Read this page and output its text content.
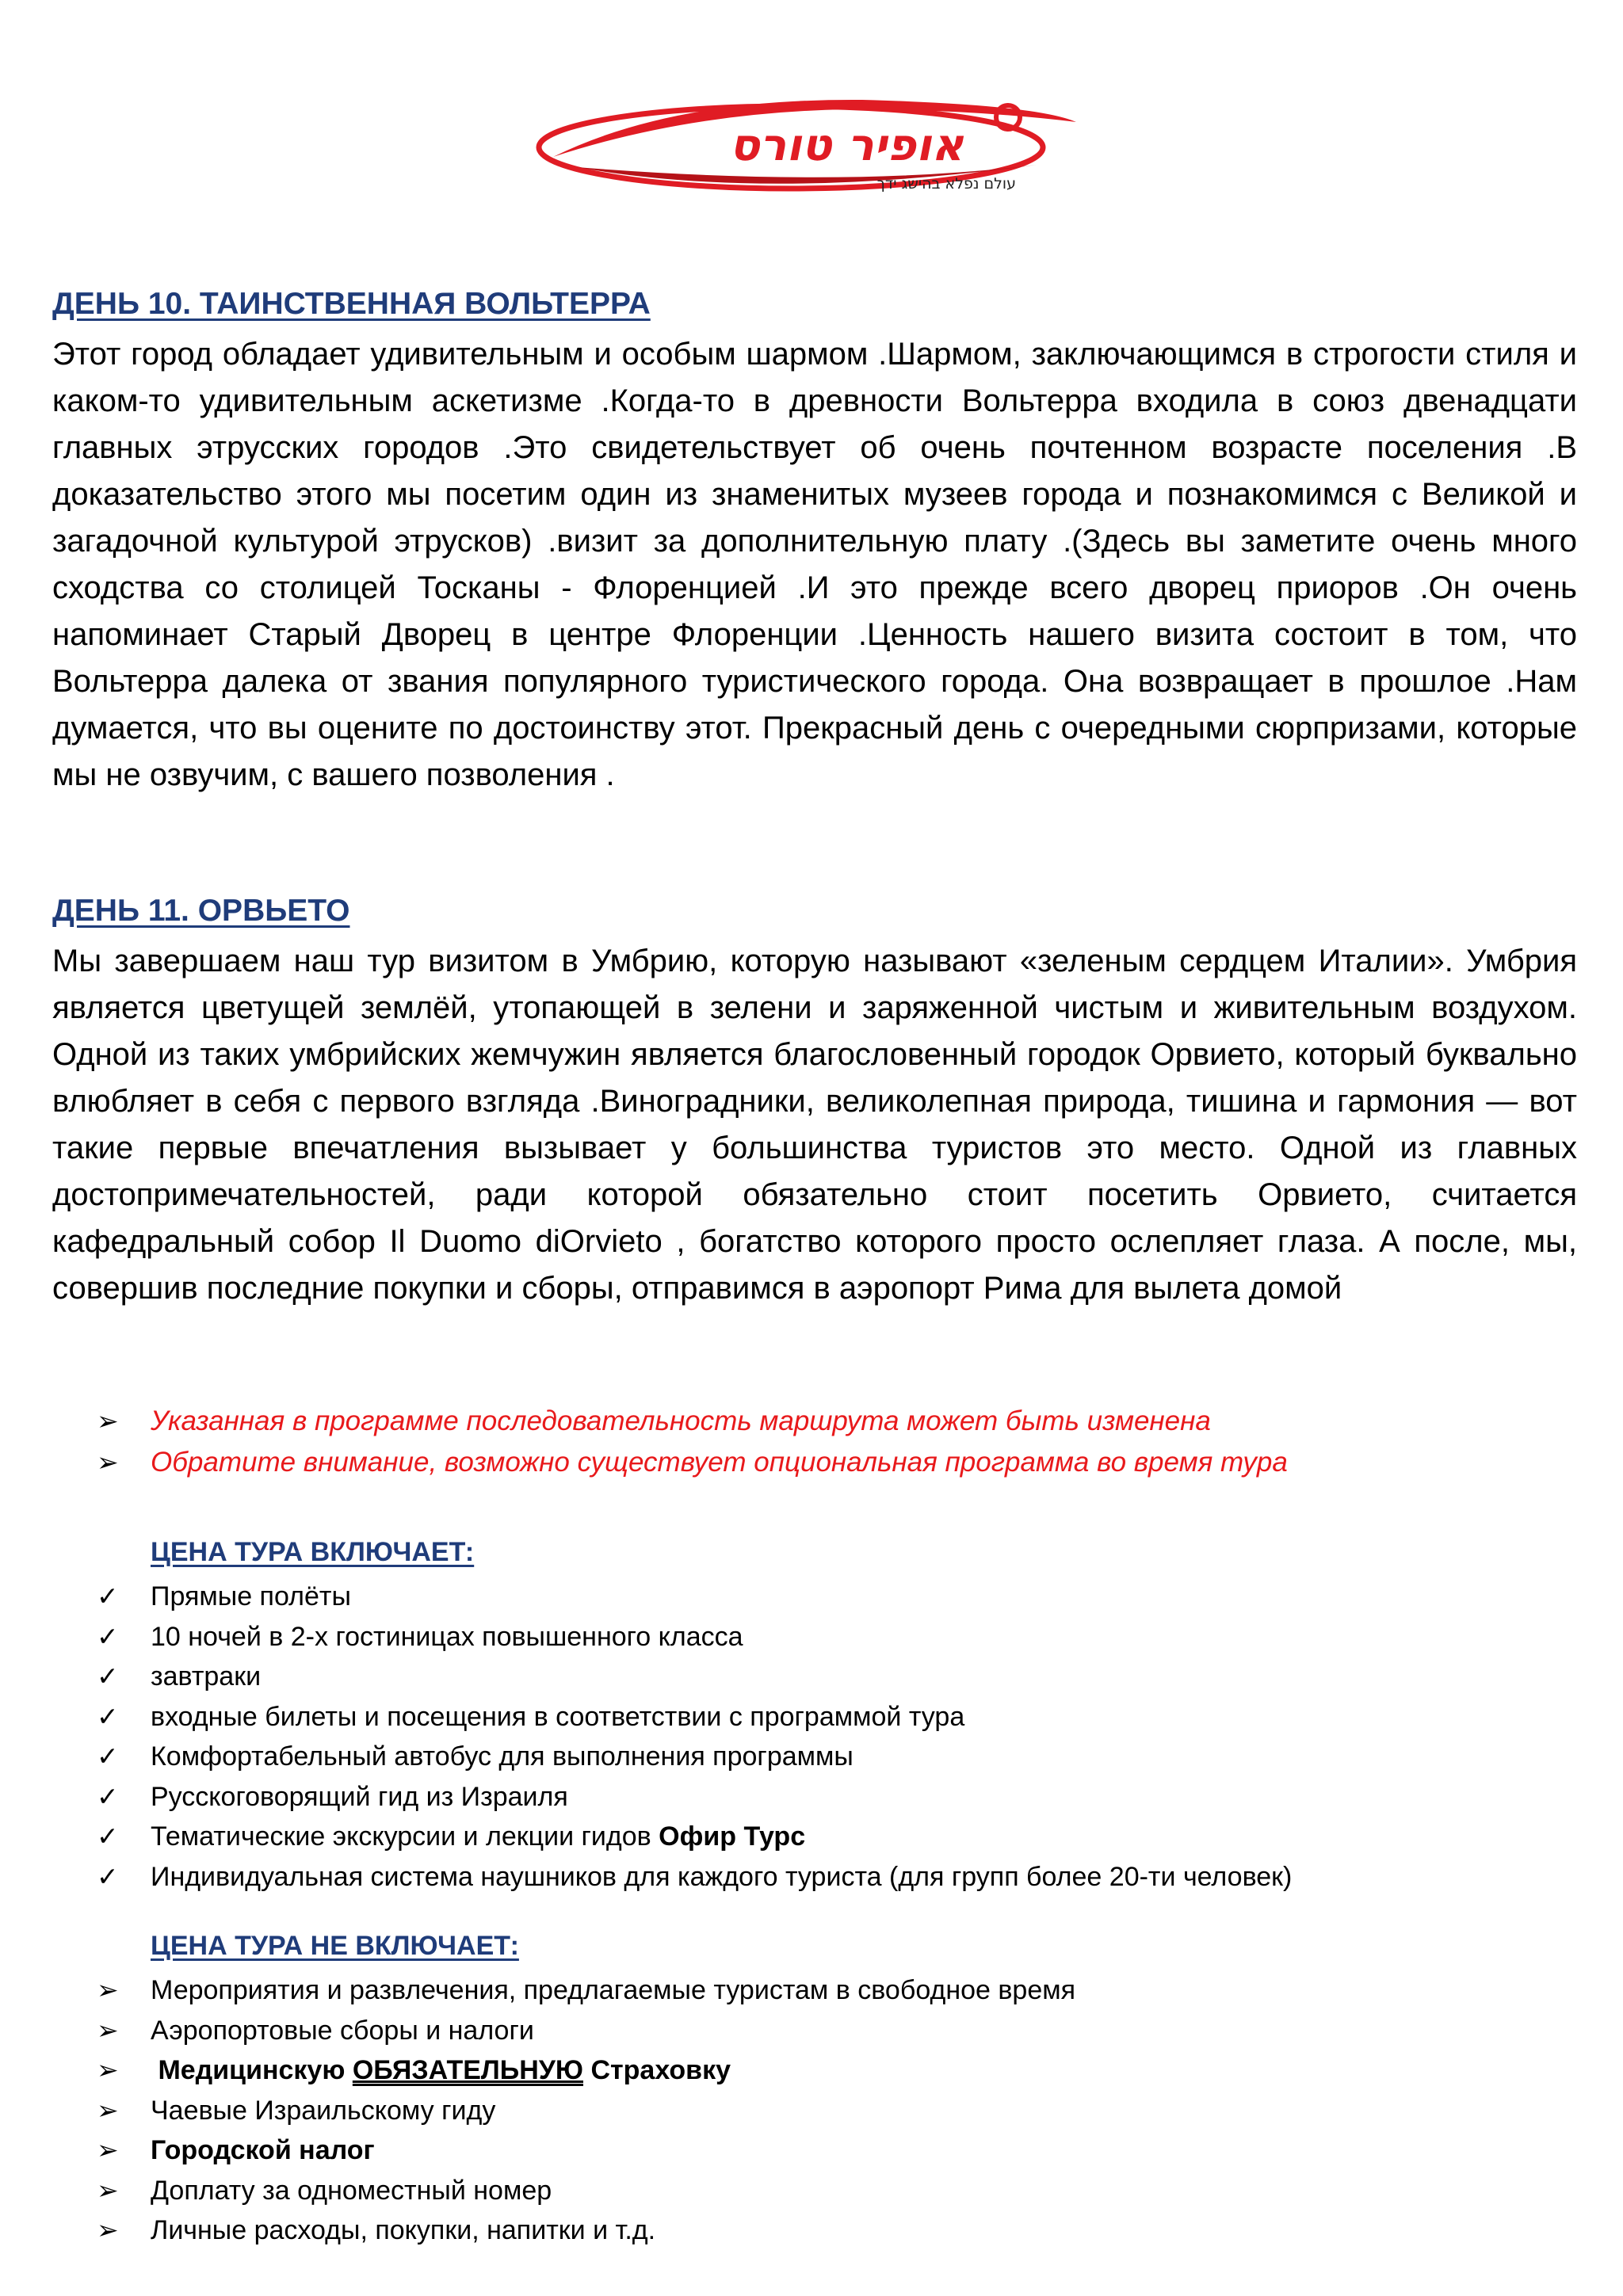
אופיר טורס
עולם נפלא בהישג ידך
ДЕНЬ 10. ТАИНСТВЕННАЯ ВОЛЬТЕРРА

Этот город обладает удивительным и особым шармом .Шармом, заключающимся в строгости стиля и каком-то удивительным аскетизме .Когда-то в древности Вольтерра входила в союз двенадцати главных этрусских городов .Это свидетельствует об очень почтенном возрасте поселения .В доказательство этого мы посетим один из знаменитых музеев города и познакомимся с Великой и загадочной культурой этрусков) .визит за дополнительную плату .(Здесь вы заметите очень много сходства со столицей Тосканы - Флоренцией .И это прежде всего дворец приоров .Он очень напоминает Старый Дворец в центре Флоренции .Ценность нашего визита состоит в том, что Вольтерра далека от звания популярного туристического города. Она возвращает в прошлое .Нам думается, что вы оцените по достоинству этот. Прекрасный день с очередными сюрпризами, которые мы не озвучим, с вашего позволения .

ДЕНЬ 11. ОРВЬЕТО

Мы завершаем наш тур визитом в Умбрию, которую называют «зеленым сердцем Италии». Умбрия является цветущей землёй, утопающей в зелени и заряженной чистым и живительным воздухом. Одной из таких умбрийских жемчужин является благословенный городок Орвието, который буквально влюбляет в себя с первого взгляда .Виноградники, великолепная природа, тишина и гармония — вот такие первые впечатления вызывает у большинства туристов это место. Одной из главных достопримечательностей, ради которой обязательно стоит посетить Орвието, считается кафедральный собор Il Duomo diOrvieto , богатство которого просто ослепляет глаза. А после, мы, совершив последние покупки и сборы, отправимся в аэропорт Рима для вылета домой

➢ Указанная в программе последовательность маршрута может быть изменена
➢ Обратите внимание, возможно существует опциональная программа во время тура
ЦЕНА ТУРА ВКЛЮЧАЕТ:
✓ Прямые полёты
✓ 10 ночей в 2-х гостиницах повышенного класса
✓ завтраки
✓ входные билеты и посещения в соответствии с программой тура
✓ Комфортабельный автобус для выполнения программы
✓ Русскоговорящий гид из Израиля
✓ Тематические экскурсии и лекции гидов Офир Турс
✓ Индивидуальная система наушников для каждого туриста (для групп более 20-ти человек)
ЦЕНА ТУРА НЕ ВКЛЮЧАЕТ:
➢ Мероприятия и развлечения, предлагаемые туристам в свободное время
➢ Аэропортовые сборы и налоги
➢ Медицинскую ОБЯЗАТЕЛЬНУЮ Страховку
➢ Чаевые Израильскому гиду
➢ Городской налог
➢ Доплату за одноместный номер
➢ Личные расходы, покупки, напитки и т.д.
